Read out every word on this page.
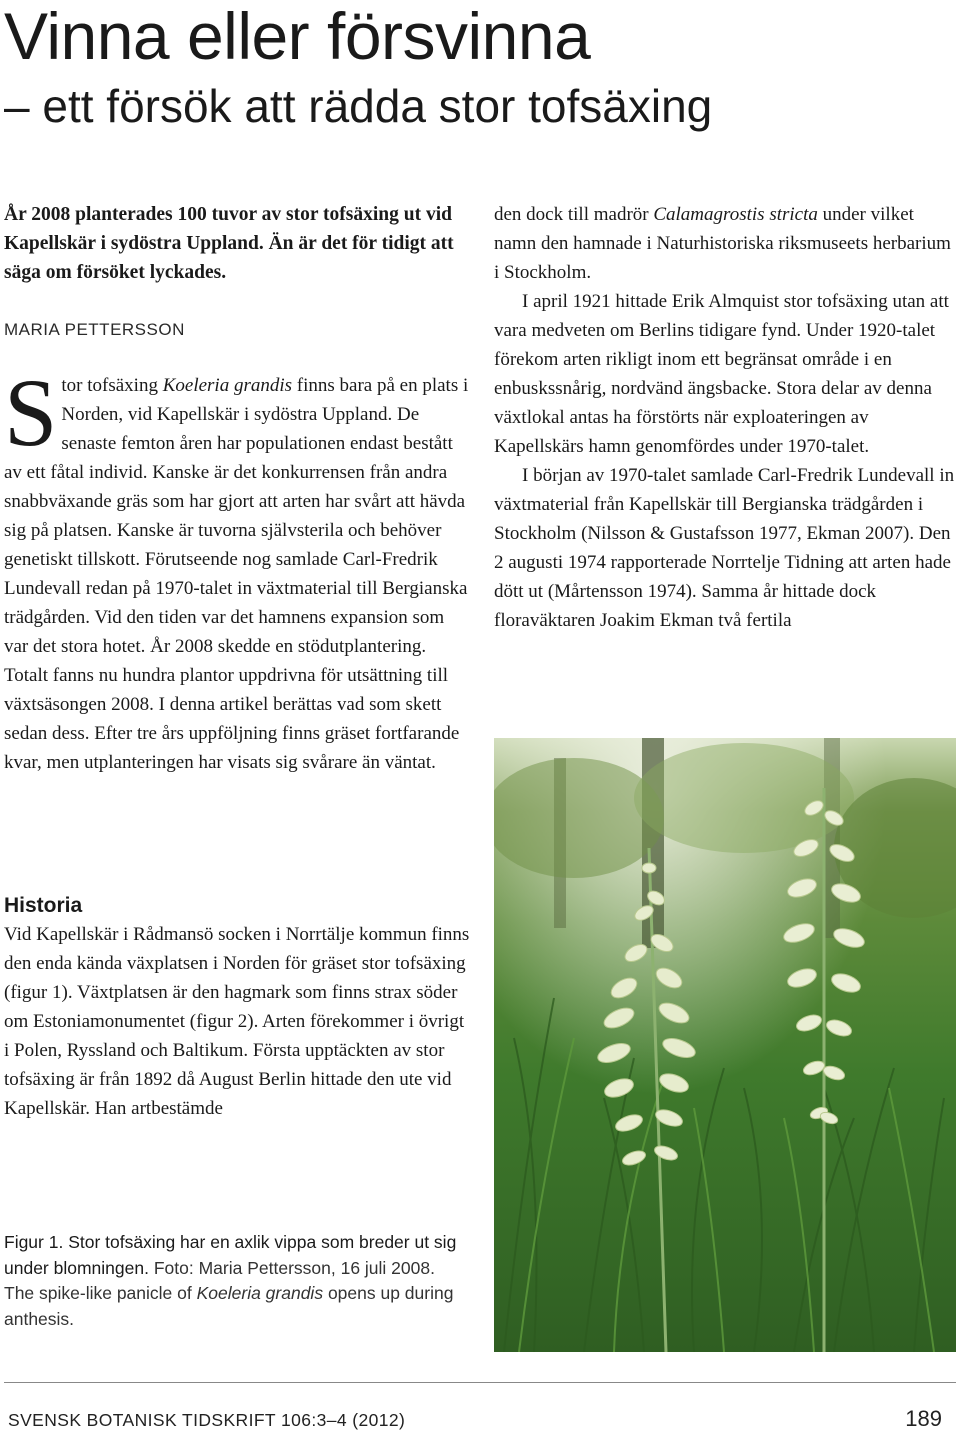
Vinna eller försvinna
– ett försök att rädda stor tofsäxing

År 2008 planterades 100 tuvor av stor tofsäxing ut vid Kapellskär i sydöstra Uppland. Än är det för tidigt att säga om försöket lyckades.

MARIA PETTERSSON
Stor tofsäxing Koeleria grandis finns bara på en plats i Norden, vid Kapellskär i sydöstra Uppland. De senaste femton åren har populationen endast bestått av ett fåtal individ. Kanske är det konkurrensen från andra snabbväxande gräs som har gjort att arten har svårt att hävda sig på platsen. Kanske är tuvorna självsterila och behöver genetiskt tillskott. Förutseende nog samlade Carl-Fredrik Lundevall redan på 1970-talet in växtmaterial till Bergianska trädgården. Vid den tiden var det hamnens expansion som var det stora hotet. År 2008 skedde en stödutplantering. Totalt fanns nu hundra plantor uppdrivna för utsättning till växtsäsongen 2008. I denna artikel berättas vad som skett sedan dess. Efter tre års uppföljning finns gräset fortfarande kvar, men utplanteringen har visats sig svårare än väntat.
Historia

Vid Kapellskär i Rådmansö socken i Norrtälje kommun finns den enda kända växplatsen i Norden för gräset stor tofsäxing (figur 1). Växtplatsen är den hagmark som finns strax söder om Estoniamonumentet (figur 2). Arten förekommer i övrigt i Polen, Ryssland och Baltikum. Första upptäckten av stor tofsäxing är från 1892 då August Berlin hittade den ute vid Kapellskär. Han artbestämde

den dock till madrör Calamagrostis stricta under vilket namn den hamnade i Naturhistoriska riksmuseets herbarium i Stockholm.

I april 1921 hittade Erik Almquist stor tofsäxing utan att vara medveten om Berlins tidigare fynd. Under 1920-talet förekom arten rikligt inom ett begränsat område i en enbuskssnårig, nordvänd ängsbacke. Stora delar av denna växtlokal antas ha förstörts när exploateringen av Kapellskärs hamn genomfördes under 1970-talet.

I början av 1970-talet samlade Carl-Fredrik Lundevall in växtmaterial från Kapellskär till Bergianska trädgården i Stockholm (Nilsson & Gustafsson 1977, Ekman 2007). Den 2 augusti 1974 rapporterade Norrtelje Tidning att arten hade dött ut (Mårtensson 1974). Samma år hittade dock floraväktaren Joakim Ekman två fertila

Figur 1. Stor tofsäxing har en axlik vippa som breder ut sig under blomningen. Foto: Maria Pettersson, 16 juli 2008.
The spike-like panicle of Koeleria grandis opens up during anthesis.
SVENSK BOTANISK TIDSKRIFT 106:3–4 (2012)	189
